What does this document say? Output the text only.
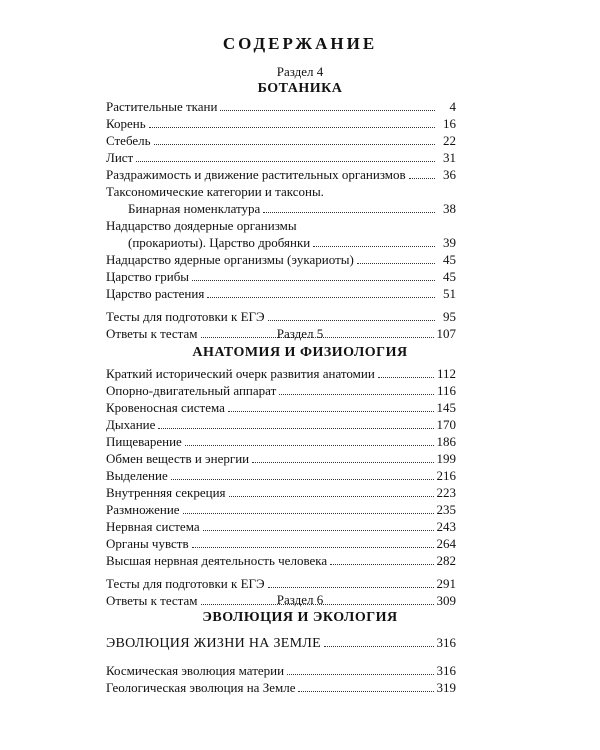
СОДЕРЖАНИЕ
Раздел 4
БОТАНИКА
Растительные ткани	4
Корень	16
Стебель	22
Лист	31
Раздражимость и движение растительных организмов	36
Таксономические категории и таксоны.
Бинарная номенклатура	38
Надцарство доядерные организмы
(прокариоты). Царство дробянки	39
Надцарство ядерные организмы (эукариоты)	45
Царство грибы	45
Царство растения	51
Тесты для подготовки к ЕГЭ	95
Ответы к тестам	107
Раздел 5
АНАТОМИЯ И ФИЗИОЛОГИЯ
Краткий исторический очерк развития анатомии	112
Опорно-двигательный аппарат	116
Кровеносная система	145
Дыхание	170
Пищеварение	186
Обмен веществ и энергии	199
Выделение	216
Внутренняя секреция	223
Размножение	235
Нервная система	243
Органы чувств	264
Высшая нервная деятельность человека	282
Тесты для подготовки к ЕГЭ	291
Ответы к тестам	309
Раздел 6
ЭВОЛЮЦИЯ И ЭКОЛОГИЯ
ЭВОЛЮЦИЯ ЖИЗНИ НА ЗЕМЛЕ	316
Космическая эволюция материи	316
Геологическая эволюция на Земле	319
